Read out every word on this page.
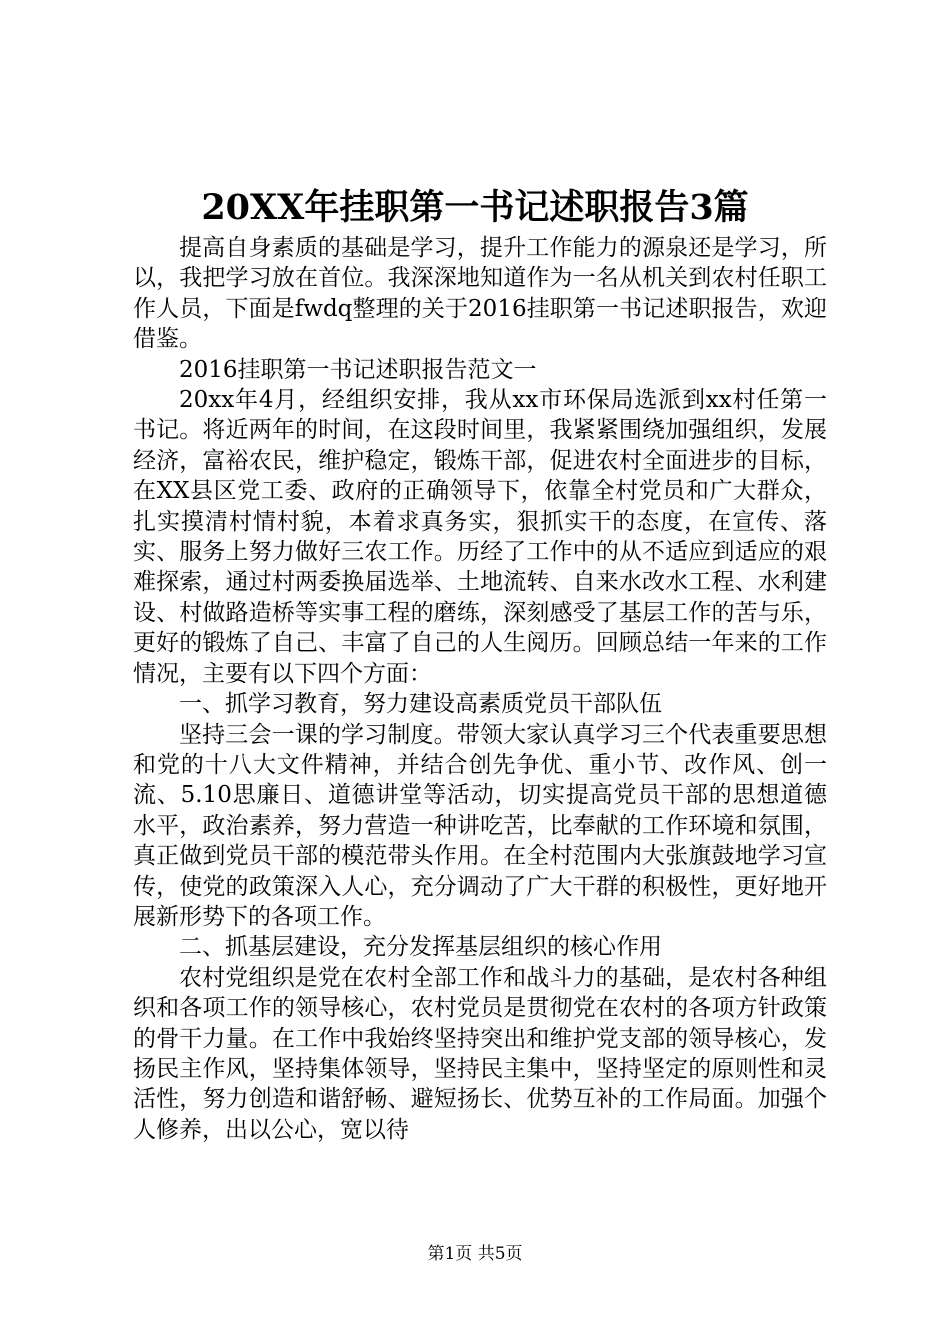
20XX年挂职第一书记述职报告3篇

提高自身素质的基础是学习，提升工作能力的源泉还是学习，所以，我把学习放在首位。我深深地知道作为一名从机关到农村任职工作人员，下面是fwdq整理的关于2016挂职第一书记述职报告，欢迎借鉴。

2016挂职第一书记述职报告范文一

20xx年4月，经组织安排，我从xx市环保局选派到xx村任第一书记。将近两年的时间，在这段时间里，我紧紧围绕加强组织，发展经济，富裕农民，维护稳定，锻炼干部，促进农村全面进步的目标，在XX县区党工委、政府的正确领导下，依靠全村党员和广大群众，扎实摸清村情村貌，本着求真务实，狠抓实干的态度，在宣传、落实、服务上努力做好三农工作。历经了工作中的从不适应到适应的艰难探索，通过村两委换届选举、土地流转、自来水改水工程、水利建设、村做路造桥等实事工程的磨练，深刻感受了基层工作的苦与乐，更好的锻炼了自己、丰富了自己的人生阅历。回顾总结一年来的工作情况，主要有以下四个方面：

一、抓学习教育，努力建设高素质党员干部队伍

坚持三会一课的学习制度。带领大家认真学习三个代表重要思想和党的十八大文件精神，并结合创先争优、重小节、改作风、创一流、5.10思廉日、道德讲堂等活动，切实提高党员干部的思想道德水平，政治素养，努力营造一种讲吃苦，比奉献的工作环境和氛围，真正做到党员干部的模范带头作用。在全村范围内大张旗鼓地学习宣传，使党的政策深入人心，充分调动了广大干群的积极性，更好地开展新形势下的各项工作。

二、抓基层建设，充分发挥基层组织的核心作用

农村党组织是党在农村全部工作和战斗力的基础，是农村各种组织和各项工作的领导核心，农村党员是贯彻党在农村的各项方针政策的骨干力量。在工作中我始终坚持突出和维护党支部的领导核心，发扬民主作风，坚持集体领导，坚持民主集中，坚持坚定的原则性和灵活性，努力创造和谐舒畅、避短扬长、优势互补的工作局面。加强个人修养，出以公心，宽以待

第1页 共5页
